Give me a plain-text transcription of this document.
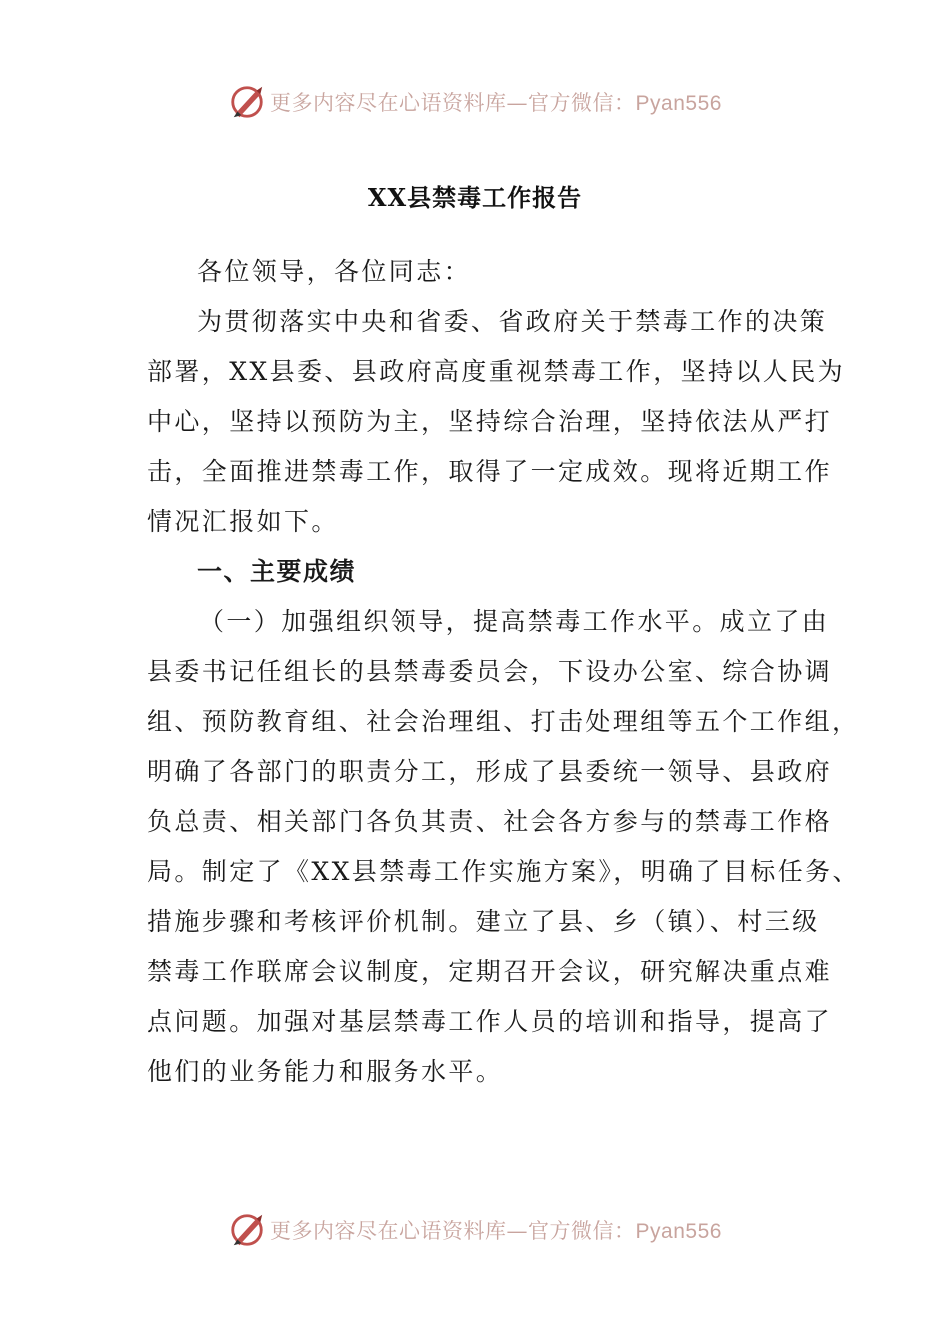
更多内容尽在心语资料库—官方微信：Pyan556
XX县禁毒工作报告
各位领导，各位同志：
为贯彻落实中央和省委、省政府关于禁毒工作的决策
部署，XX县委、县政府高度重视禁毒工作，坚持以人民为
中心，坚持以预防为主，坚持综合治理，坚持依法从严打
击，全面推进禁毒工作，取得了一定成效。现将近期工作
情况汇报如下。
一、主要成绩
（一）加强组织领导，提高禁毒工作水平。成立了由
县委书记任组长的县禁毒委员会，下设办公室、综合协调
组、预防教育组、社会治理组、打击处理组等五个工作组，
明确了各部门的职责分工，形成了县委统一领导、县政府
负总责、相关部门各负其责、社会各方参与的禁毒工作格
局。制定了《XX县禁毒工作实施方案》，明确了目标任务、
措施步骤和考核评价机制。建立了县、乡（镇）、村三级
禁毒工作联席会议制度，定期召开会议，研究解决重点难
点问题。加强对基层禁毒工作人员的培训和指导，提高了
他们的业务能力和服务水平。
更多内容尽在心语资料库—官方微信：Pyan556
